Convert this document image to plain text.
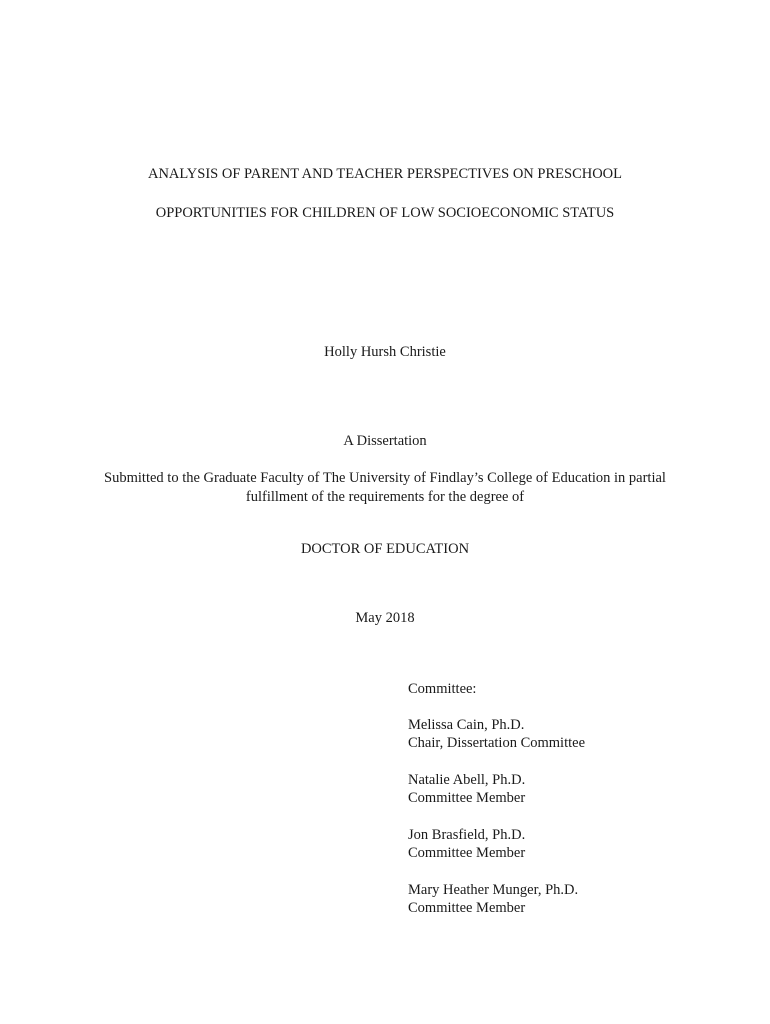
ANALYSIS OF PARENT AND TEACHER PERSPECTIVES ON PRESCHOOL
OPPORTUNITIES FOR CHILDREN OF LOW SOCIOECONOMIC STATUS
Holly Hursh Christie
A Dissertation
Submitted to the Graduate Faculty of The University of Findlay’s College of Education in partial
fulfillment of the requirements for the degree of
DOCTOR OF EDUCATION
May 2018
Committee:
Melissa Cain, Ph.D.
Chair, Dissertation Committee
Natalie Abell, Ph.D.
Committee Member
Jon Brasfield, Ph.D.
Committee Member
Mary Heather Munger, Ph.D.
Committee Member
